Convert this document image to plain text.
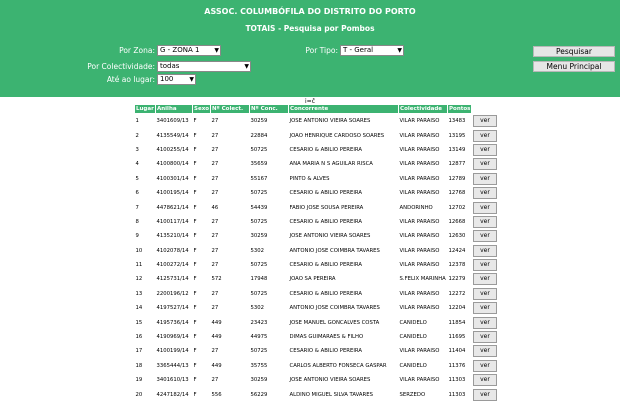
ASSOC. COLUMBÓFILA DO DISTRITO DO PORTO
TOTAIS - Pesquisa por Pombos
Por Zona: G - ZONA 1 ▼	Por Tipo: T - Geral	▼
Por Colectividade: todas	▼
Até ao lugar: 100	▼
Pesquisar
Menu Principal
i=č
Lugar	Anilha	Sexo	Nº Colect.	Nº Conc.	Concorrente	Colectividade	Pontos	
1	3401609/13	F	27	30259	JOSE ANTONIO VIEIRA SOARES	VILAR PARAISO	13483	ver
2	4135549/14	F	27	22884	JOAO HENRIQUE CARDOSO SOARES	VILAR PARAISO	13195	ver
3	4100255/14	F	27	50725	CESARIO & ABILIO PEREIRA	VILAR PARAISO	13149	ver
4	4100800/14	F	27	35659	ANA MARIA N S AGUILAR RISCA	VILAR PARAISO	12877	ver
5	4100301/14	F	27	55167	PINTO & ALVES	VILAR PARAISO	12789	ver
6	4100195/14	F	27	50725	CESARIO & ABILIO PEREIRA	VILAR PARAISO	12768	ver
7	4478621/14	F	46	54439	FABIO JOSE SOUSA PEREIRA	ANDORINHO	12702	ver
8	4100117/14	F	27	50725	CESARIO & ABILIO PEREIRA	VILAR PARAISO	12668	ver
9	4135210/14	F	27	30259	JOSE ANTONIO VIEIRA SOARES	VILAR PARAISO	12630	ver
10	4102078/14	F	27	5302	ANTONIO JOSE COIMBRA TAVARES	VILAR PARAISO	12424	ver
11	4100272/14	F	27	50725	CESARIO & ABILIO PEREIRA	VILAR PARAISO	12378	ver
12	4125731/14	F	572	17948	JOAO SA PEREIRA	S.FELIX MARINHA	12279	ver
13	2200196/12	F	27	50725	CESARIO & ABILIO PEREIRA	VILAR PARAISO	12272	ver
14	4197527/14	F	27	5302	ANTONIO JOSE COIMBRA TAVARES	VILAR PARAISO	12204	ver
15	4195736/14	F	449	23423	JOSE MANUEL GONCALVES COSTA	CANIDELO	11854	ver
16	4190969/14	F	449	44975	DIMAS GUIMARAES & FILHO	CANIDELO	11695	ver
17	4100199/14	F	27	50725	CESARIO & ABILIO PEREIRA	VILAR PARAISO	11404	ver
18	3365444/13	F	449	35755	CARLOS ALBERTO FONSECA GASPAR	CANIDELO	11376	ver
19	3401610/13	F	27	30259	JOSE ANTONIO VIEIRA SOARES	VILAR PARAISO	11303	ver
20	4247182/14	F	556	56229	ALDINO MIGUEL SILVA TAVARES	SERZEDO	11303	ver
